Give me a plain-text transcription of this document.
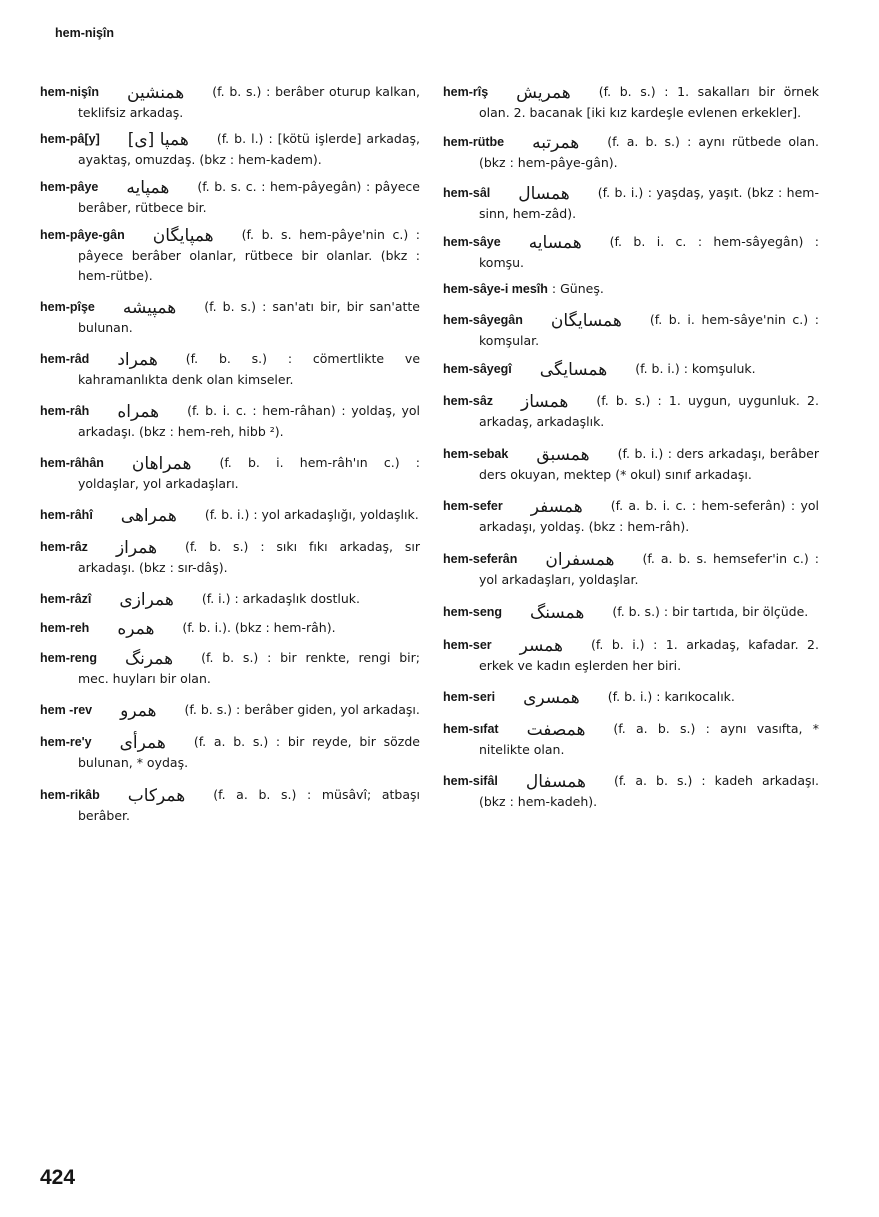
hem-nişîn
hem-nişîn همنشين (f. b. s.) : berâber oturup kalkan, teklifsiz arkadaş.
hem-pâ[y] همپا [ى] (f. b. l.) : [kötü işlerde] arkadaş, ayaktaş, omuzdaş. (bkz : hem-kadem).
hem-pâye همپايه (f. b. s. c. : hem-pâyegân) : pâyece berâber, rütbece bir.
hem-pâye-gân همپايگان (f. b. s. hem-pâye'nin c.) : pâyece berâber olanlar, rütbece bir olanlar. (bkz : hem-rütbe).
hem-pîşe همپيشه (f. b. s.) : san'atı bir, bir san'atte bulunan.
hem-râd همراد (f. b. s.) : cömertlikte ve kahramanlıkta denk olan kimseler.
hem-râh همراه (f. b. i. c. : hem-râhan) : yoldaş, yol arkadaşı. (bkz : hem-reh, hibb ²).
hem-râhân همراهان (f. b. i. hem-râh'ın c.) : yoldaşlar, yol arkadaşları.
hem-râhî همراهى (f. b. i.) : yol arkadaşlığı, yoldaşlık.
hem-râz همراز (f. b. s.) : sıkı fıkı arkadaş, sır arkadaşı. (bkz : sır-dâş).
hem-râzî همرازى (f. i.) : arkadaşlık dostluk.
hem-reh همره (f. b. i.). (bkz : hem-râh).
hem-reng همرنگ (f. b. s.) : bir renkte, rengi bir; mec. huyları bir olan.
hem -rev همرو (f. b. s.) : berâber giden, yol arkadaşı.
hem-re'y همرأى (f. a. b. s.) : bir reyde, bir sözde bulunan, * oydaş.
hem-rikâb همركاب (f. a. b. s.) : müsâvî; atbaşı berâber.
hem-rîş همريش (f. b. s.) : 1. sakalları bir örnek olan. 2. bacanak [iki kız kardeşle evlenen erkekler].
hem-rütbe همرتبه (f. a. b. s.) : aynı rütbede olan. (bkz : hem-pâye-gân).
hem-sâl همسال (f. b. i.) : yaşdaş, yaşıt. (bkz : hem-sinn, hem-zâd).
hem-sâye همسايه (f. b. i. c. : hem-sâyegân) : komşu.
hem-sâye-i mesîh : Güneş.
hem-sâyegân همسايگان (f. b. i. hem-sâye'nin c.) : komşular.
hem-sâyegî همسايگى (f. b. i.) : komşuluk.
hem-sâz همساز (f. b. s.) : 1. uygun, uygunluk. 2. arkadaş, arkadaşlık.
hem-sebak همسبق (f. b. i.) : ders arkadaşı, berâber ders okuyan, mektep (* okul) sınıf arkadaşı.
hem-sefer همسفر (f. a. b. i. c. : hem-seferân) : yol arkadaşı, yoldaş. (bkz : hem-râh).
hem-seferân همسفران (f. a. b. s. hemsefer'in c.) : yol arkadaşları, yoldaşlar.
hem-seng همسنگ (f. b. s.) : bir tartıda, bir ölçüde.
hem-ser همسر (f. b. i.) : 1. arkadaş, kafadar. 2. erkek ve kadın eşlerden her biri.
hem-seri همسرى (f. b. i.) : karıkocalık.
hem-sıfat همصفت (f. a. b. s.) : aynı vasıfta, * nitelikte olan.
hem-sifâl همسفال (f. a. b. s.) : kadeh arkadaşı. (bkz : hem-kadeh).
424
